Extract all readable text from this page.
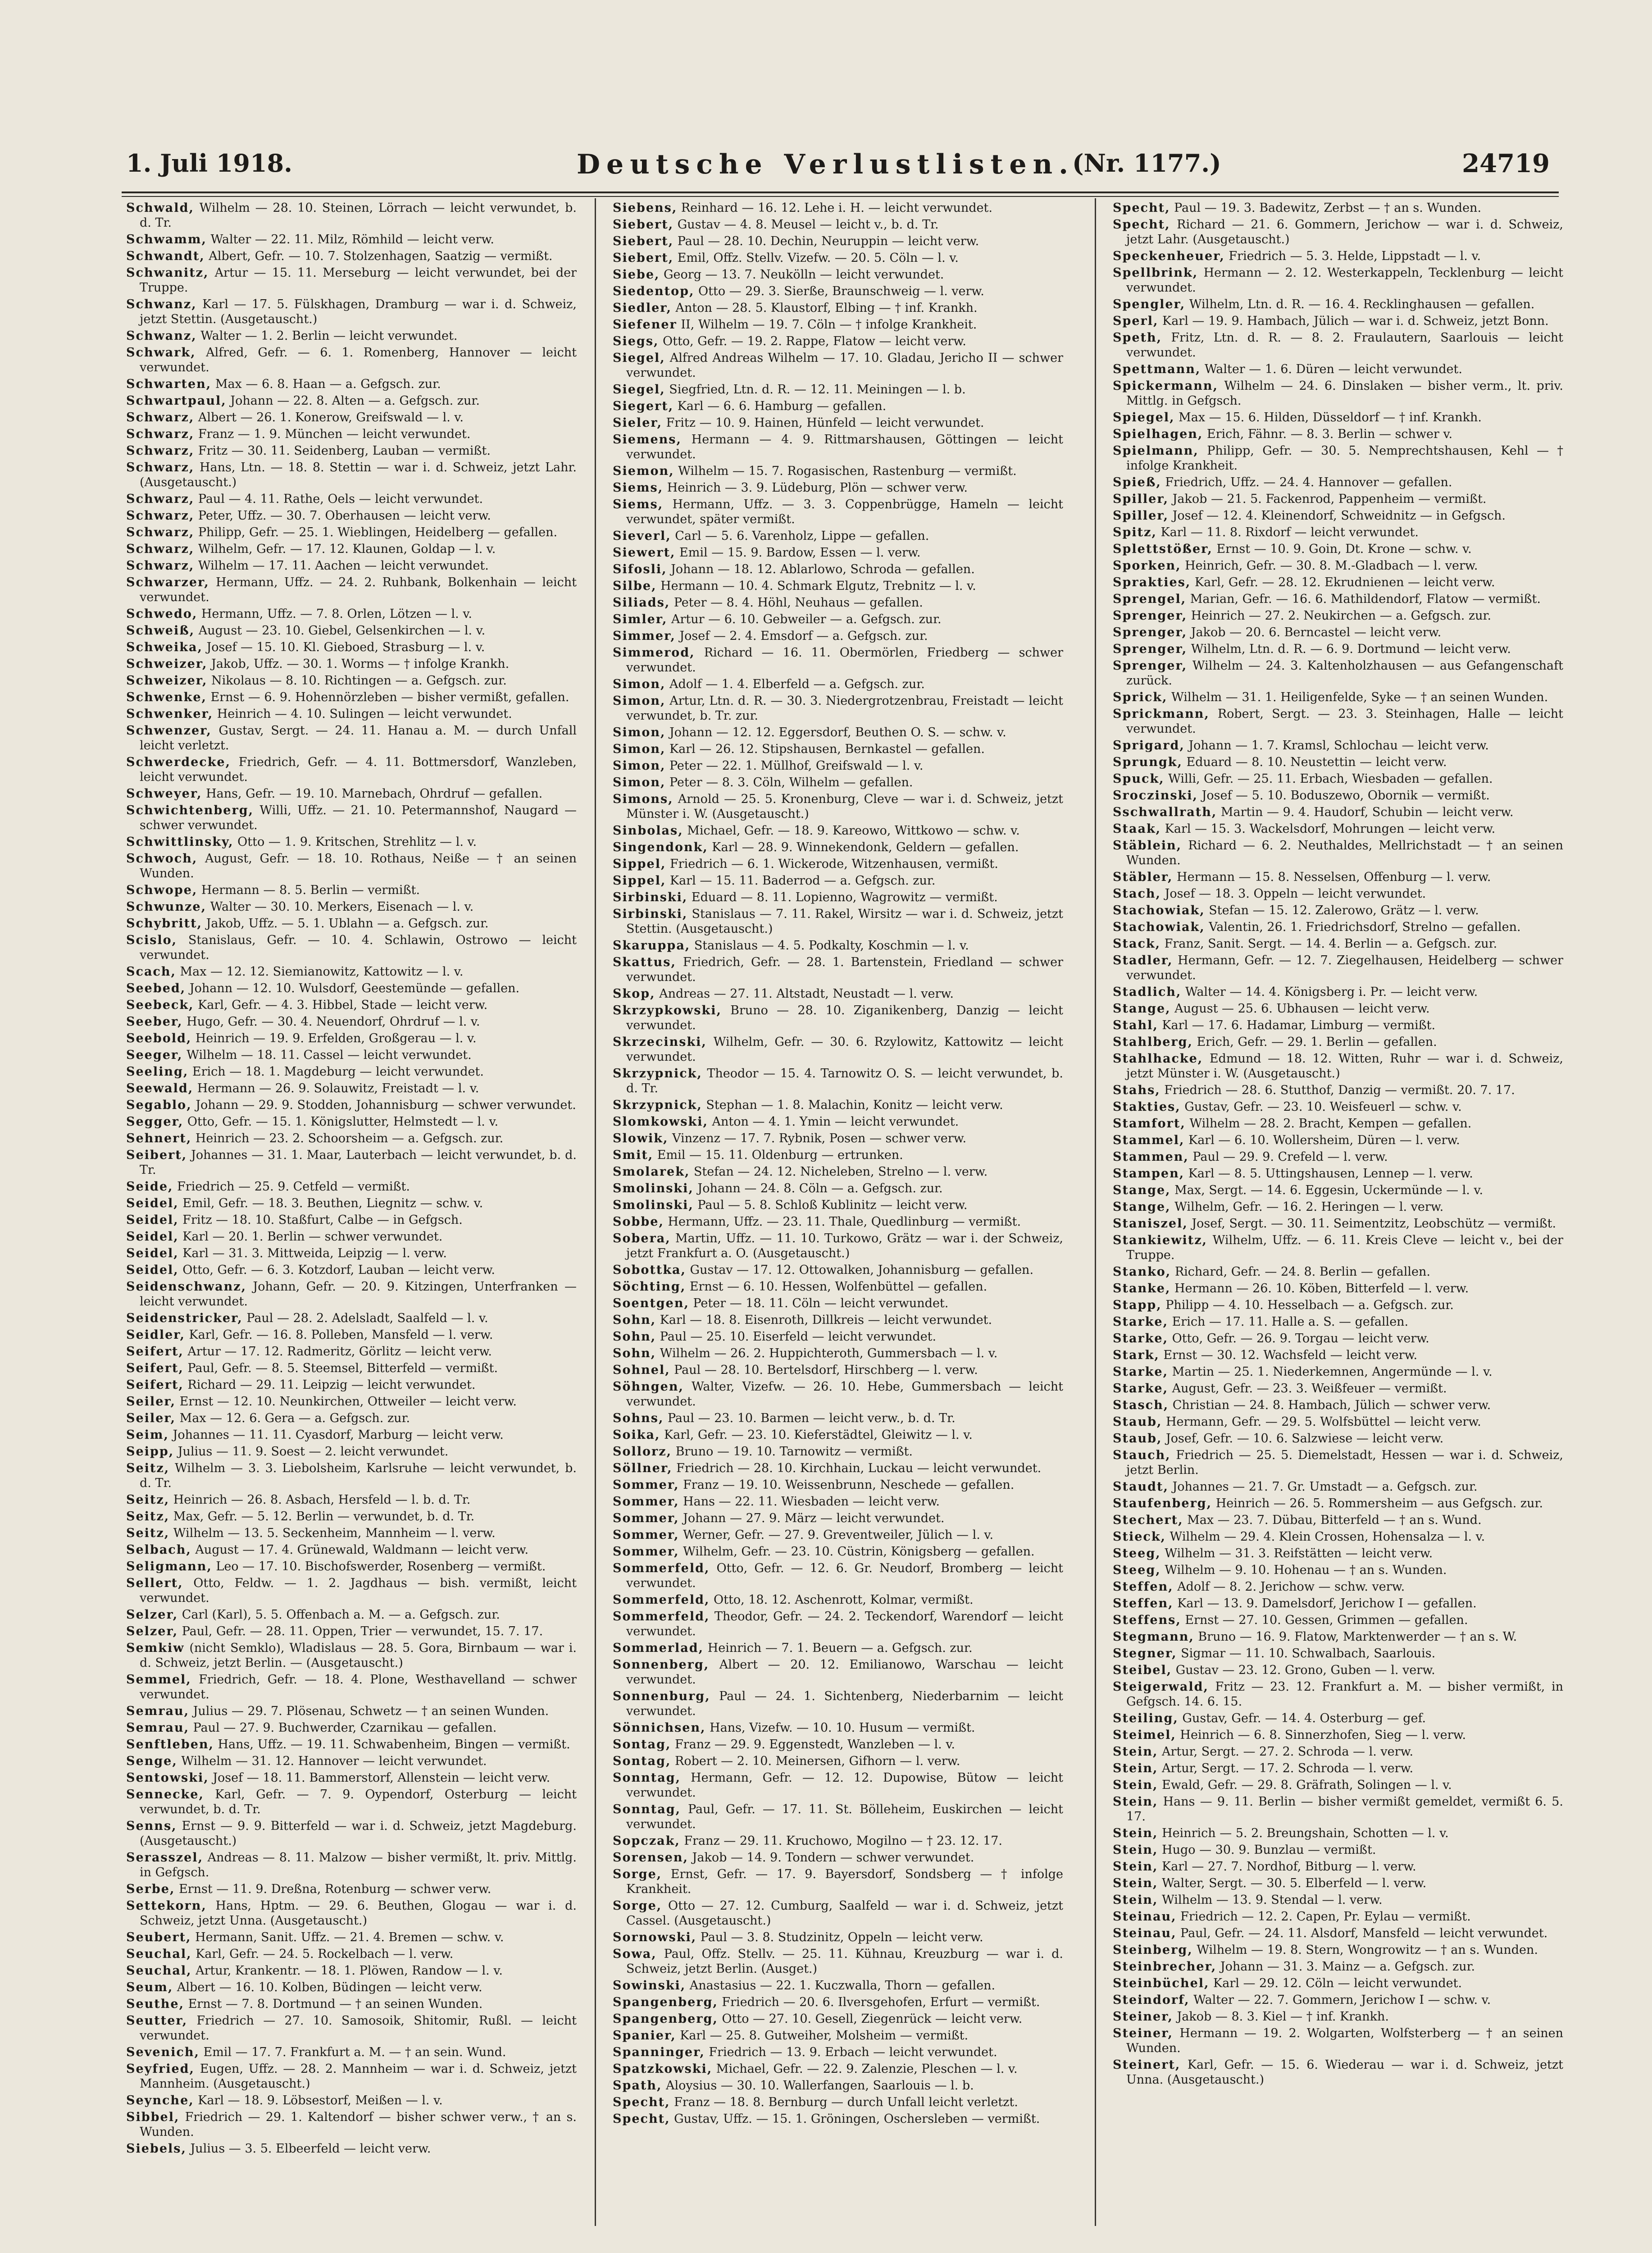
1. Juli 1918.	Deutsche Verlustlisten.
(Nr. 1177.)	24719

Schwald, Wilhelm — 28. 10. Steinen, Lörrach — leicht verwundet, b. d. Tr.

Schwamm, Walter — 22. 11. Milz, Römhild — leicht verw.

Schwandt, Albert, Gefr. — 10. 7. Stolzenhagen, Saatzig — vermißt.

Schwanitz, Artur — 15. 11. Merseburg — leicht verwundet, bei der Truppe.

Schwanz, Karl — 17. 5. Fülskhagen, Dramburg — war i. d. Schweiz, jetzt Stettin. (Ausgetauscht.)

Schwanz, Walter — 1. 2. Berlin — leicht verwundet.

Schwark, Alfred, Gefr. — 6. 1. Romenberg, Hannover — leicht verwundet.

Schwarten, Max — 6. 8. Haan — a. Gefgsch. zur.

Schwartpaul, Johann — 22. 8. Alten — a. Gefgsch. zur.

Schwarz, Albert — 26. 1. Konerow, Greifswald — l. v.

Schwarz, Franz — 1. 9. München — leicht verwundet.

Schwarz, Fritz — 30. 11. Seidenberg, Lauban — vermißt.

Schwarz, Hans, Ltn. — 18. 8. Stettin — war i. d. Schweiz, jetzt Lahr. (Ausgetauscht.)

Schwarz, Paul — 4. 11. Rathe, Oels — leicht verwundet.

Schwarz, Peter, Uffz. — 30. 7. Oberhausen — leicht verw.

Schwarz, Philipp, Gefr. — 25. 1. Wieblingen, Heidelberg — gefallen.

Schwarz, Wilhelm, Gefr. — 17. 12. Klaunen, Goldap — l. v.

Schwarz, Wilhelm — 17. 11. Aachen — leicht verwundet.

Schwarzer, Hermann, Uffz. — 24. 2. Ruhbank, Bolkenhain — leicht verwundet.

Schwedo, Hermann, Uffz. — 7. 8. Orlen, Lötzen — l. v.

Schweiß, August — 23. 10. Giebel, Gelsenkirchen — l. v.

Schweika, Josef — 15. 10. Kl. Gieboed, Strasburg — l. v.

Schweizer, Jakob, Uffz. — 30. 1. Worms — † infolge Krankh.

Schweizer, Nikolaus — 8. 10. Richtingen — a. Gefgsch. zur.

Schwenke, Ernst — 6. 9. Hohennörzleben — bisher vermißt, gefallen.

Schwenker, Heinrich — 4. 10. Sulingen — leicht verwundet.

Schwenzer, Gustav, Sergt. — 24. 11. Hanau a. M. — durch Unfall leicht verletzt.

Schwerdecke, Friedrich, Gefr. — 4. 11. Bottmersdorf, Wanzleben, leicht verwundet.

Schweyer, Hans, Gefr. — 19. 10. Marnebach, Ohrdruf — gefallen.

Schwichtenberg, Willi, Uffz. — 21. 10. Petermannshof, Naugard — schwer verwundet.

Schwittlinsky, Otto — 1. 9. Kritschen, Strehlitz — l. v.

Schwoch, August, Gefr. — 18. 10. Rothaus, Neiße — † an seinen Wunden.

Schwope, Hermann — 8. 5. Berlin — vermißt.

Schwunze, Walter — 30. 10. Merkers, Eisenach — l. v.

Schybritt, Jakob, Uffz. — 5. 1. Ublahn — a. Gefgsch. zur.

Scislo, Stanislaus, Gefr. — 10. 4. Schlawin, Ostrowo — leicht verwundet.

Scach, Max — 12. 12. Siemianowitz, Kattowitz — l. v.

Seebed, Johann — 12. 10. Wulsdorf, Geestemünde — gefallen.

Seebeck, Karl, Gefr. — 4. 3. Hibbel, Stade — leicht verw.

Seeber, Hugo, Gefr. — 30. 4. Neuendorf, Ohrdruf — l. v.

Seebold, Heinrich — 19. 9. Erfelden, Großgerau — l. v.

Seeger, Wilhelm — 18. 11. Cassel — leicht verwundet.

Seeling, Erich — 18. 1. Magdeburg — leicht verwundet.

Seewald, Hermann — 26. 9. Solauwitz, Freistadt — l. v.

Segablo, Johann — 29. 9. Stodden, Johannisburg — schwer verwundet.

Segger, Otto, Gefr. — 15. 1. Königslutter, Helmstedt — l. v.

Sehnert, Heinrich — 23. 2. Schoorsheim — a. Gefgsch. zur.

Seibert, Johannes — 31. 1. Maar, Lauterbach — leicht verwundet, b. d. Tr.

Seide, Friedrich — 25. 9. Cetfeld — vermißt.

Seidel, Emil, Gefr. — 18. 3. Beuthen, Liegnitz — schw. v.

Seidel, Fritz — 18. 10. Staßfurt, Calbe — in Gefgsch.

Seidel, Karl — 20. 1. Berlin — schwer verwundet.

Seidel, Karl — 31. 3. Mittweida, Leipzig — l. verw.

Seidel, Otto, Gefr. — 6. 3. Kotzdorf, Lauban — leicht verw.

Seidenschwanz, Johann, Gefr. — 20. 9. Kitzingen, Unterfranken — leicht verwundet.

Seidenstricker, Paul — 28. 2. Adelsladt, Saalfeld — l. v.

Seidler, Karl, Gefr. — 16. 8. Polleben, Mansfeld — l. verw.

Seifert, Artur — 17. 12. Radmeritz, Görlitz — leicht verw.

Seifert, Paul, Gefr. — 8. 5. Steemsel, Bitterfeld — vermißt.

Seifert, Richard — 29. 11. Leipzig — leicht verwundet.

Seiler, Ernst — 12. 10. Neunkirchen, Ottweiler — leicht verw.

Seiler, Max — 12. 6. Gera — a. Gefgsch. zur.

Seim, Johannes — 11. 11. Cyasdorf, Marburg — leicht verw.

Seipp, Julius — 11. 9. Soest — 2. leicht verwundet.

Seitz, Wilhelm — 3. 3. Liebolsheim, Karlsruhe — leicht verwundet, b. d. Tr.

Seitz, Heinrich — 26. 8. Asbach, Hersfeld — l. b. d. Tr.

Seitz, Max, Gefr. — 5. 12. Berlin — verwundet, b. d. Tr.

Seitz, Wilhelm — 13. 5. Seckenheim, Mannheim — l. verw.

Selbach, August — 17. 4. Grünewald, Waldmann — leicht verw.

Seligmann, Leo — 17. 10. Bischofswerder, Rosenberg — vermißt.

Sellert, Otto, Feldw. — 1. 2. Jagdhaus — bish. vermißt, leicht verwundet.

Selzer, Carl (Karl), 5. 5. Offenbach a. M. — a. Gefgsch. zur.

Selzer, Paul, Gefr. — 28. 11. Oppen, Trier — verwundet, 15. 7. 17.

Semkiw (nicht Semklo), Wladislaus — 28. 5. Gora, Birnbaum — war i. d. Schweiz, jetzt Berlin. — (Ausgetauscht.)

Semmel, Friedrich, Gefr. — 18. 4. Plone, Westhavelland — schwer verwundet.

Semrau, Julius — 29. 7. Plösenau, Schwetz — † an seinen Wunden.

Semrau, Paul — 27. 9. Buchwerder, Czarnikau — gefallen.

Senftleben, Hans, Uffz. — 19. 11. Schwabenheim, Bingen — vermißt.

Senge, Wilhelm — 31. 12. Hannover — leicht verwundet.

Sentowski, Josef — 18. 11. Bammerstorf, Allenstein — leicht verw.

Sennecke, Karl, Gefr. — 7. 9. Oypendorf, Osterburg — leicht verwundet, b. d. Tr.

Senns, Ernst — 9. 9. Bitterfeld — war i. d. Schweiz, jetzt Magdeburg. (Ausgetauscht.)

Serasszel, Andreas — 8. 11. Malzow — bisher vermißt, lt. priv. Mittlg. in Gefgsch.

Serbe, Ernst — 11. 9. Dreßna, Rotenburg — schwer verw.

Settekorn, Hans, Hptm. — 29. 6. Beuthen, Glogau — war i. d. Schweiz, jetzt Unna. (Ausgetauscht.)

Seubert, Hermann, Sanit. Uffz. — 21. 4. Bremen — schw. v.

Seuchal, Karl, Gefr. — 24. 5. Rockelbach — l. verw.

Seuchal, Artur, Krankentr. — 18. 1. Plöwen, Randow — l. v.

Seum, Albert — 16. 10. Kolben, Büdingen — leicht verw.

Seuthe, Ernst — 7. 8. Dortmund — † an seinen Wunden.

Seutter, Friedrich — 27. 10. Samosoik, Shitomir, Rußl. — leicht verwundet.

Sevenich, Emil — 17. 7. Frankfurt a. M. — † an sein. Wund.

Seyfried, Eugen, Uffz. — 28. 2. Mannheim — war i. d. Schweiz, jetzt Mannheim. (Ausgetauscht.)

Seynche, Karl — 18. 9. Löbsestorf, Meißen — l. v.

Sibbel, Friedrich — 29. 1. Kaltendorf — bisher schwer verw., † an s. Wunden.

Siebels, Julius — 3. 5. Elbeerfeld — leicht verw.

Siebens, Reinhard — 16. 12. Lehe i. H. — leicht verwundet.

Siebert, Gustav — 4. 8. Meusel — leicht v., b. d. Tr.

Siebert, Paul — 28. 10. Dechin, Neuruppin — leicht verw.

Siebert, Emil, Offz. Stellv. Vizefw. — 20. 5. Cöln — l. v.

Siebe, Georg — 13. 7. Neukölln — leicht verwundet.

Siedentop, Otto — 29. 3. Sierße, Braunschweig — l. verw.

Siedler, Anton — 28. 5. Klaustorf, Elbing — † inf. Krankh.

Siefener II, Wilhelm — 19. 7. Cöln — † infolge Krankheit.

Siegs, Otto, Gefr. — 19. 2. Rappe, Flatow — leicht verw.

Siegel, Alfred Andreas Wilhelm — 17. 10. Gladau, Jericho II — schwer verwundet.

Siegel, Siegfried, Ltn. d. R. — 12. 11. Meiningen — l. b.

Siegert, Karl — 6. 6. Hamburg — gefallen.

Sieler, Fritz — 10. 9. Hainen, Hünfeld — leicht verwundet.

Siemens, Hermann — 4. 9. Rittmarshausen, Göttingen — leicht verwundet.

Siemon, Wilhelm — 15. 7. Rogasischen, Rastenburg — vermißt.

Siems, Heinrich — 3. 9. Lüdeburg, Plön — schwer verw.

Siems, Hermann, Uffz. — 3. 3. Coppenbrügge, Hameln — leicht verwundet, später vermißt.

Sieverl, Carl — 5. 6. Varenholz, Lippe — gefallen.

Siewert, Emil — 15. 9. Bardow, Essen — l. verw.

Sifosli, Johann — 18. 12. Ablarlowo, Schroda — gefallen.

Silbe, Hermann — 10. 4. Schmark Elgutz, Trebnitz — l. v.

Siliads, Peter — 8. 4. Höhl, Neuhaus — gefallen.

Simler, Artur — 6. 10. Gebweiler — a. Gefgsch. zur.

Simmer, Josef — 2. 4. Emsdorf — a. Gefgsch. zur.

Simmerod, Richard — 16. 11. Obermörlen, Friedberg — schwer verwundet.

Simon, Adolf — 1. 4. Elberfeld — a. Gefgsch. zur.

Simon, Artur, Ltn. d. R. — 30. 3. Niedergrotzenbrau, Freistadt — leicht verwundet, b. Tr. zur.

Simon, Johann — 12. 12. Eggersdorf, Beuthen O. S. — schw. v.

Simon, Karl — 26. 12. Stipshausen, Bernkastel — gefallen.

Simon, Peter — 22. 1. Müllhof, Greifswald — l. v.

Simon, Peter — 8. 3. Cöln, Wilhelm — gefallen.

Simons, Arnold — 25. 5. Kronenburg, Cleve — war i. d. Schweiz, jetzt Münster i. W. (Ausgetauscht.)

Sinbolas, Michael, Gefr. — 18. 9. Kareowo, Wittkowo — schw. v.

Singendonk, Karl — 28. 9. Winnekendonk, Geldern — gefallen.

Sippel, Friedrich — 6. 1. Wickerode, Witzenhausen, vermißt.

Sippel, Karl — 15. 11. Baderrod — a. Gefgsch. zur.

Sirbinski, Eduard — 8. 11. Lopienno, Wagrowitz — vermißt.

Sirbinski, Stanislaus — 7. 11. Rakel, Wirsitz — war i. d. Schweiz, jetzt Stettin. (Ausgetauscht.)

Skaruppa, Stanislaus — 4. 5. Podkalty, Koschmin — l. v.

Skattus, Friedrich, Gefr. — 28. 1. Bartenstein, Friedland — schwer verwundet.

Skop, Andreas — 27. 11. Altstadt, Neustadt — l. verw.

Skrzypkowski, Bruno — 28. 10. Ziganikenberg, Danzig — leicht verwundet.

Skrzecinski, Wilhelm, Gefr. — 30. 6. Rzylowitz, Kattowitz — leicht verwundet.

Skrzypnick, Theodor — 15. 4. Tarnowitz O. S. — leicht verwundet, b. d. Tr.

Skrzypnick, Stephan — 1. 8. Malachin, Konitz — leicht verw.

Slomkowski, Anton — 4. 1. Ymin — leicht verwundet.

Slowik, Vinzenz — 17. 7. Rybnik, Posen — schwer verw.

Smit, Emil — 15. 11. Oldenburg — ertrunken.

Smolarek, Stefan — 24. 12. Nicheleben, Strelno — l. verw.

Smolinski, Johann — 24. 8. Cöln — a. Gefgsch. zur.

Smolinski, Paul — 5. 8. Schloß Kublinitz — leicht verw.

Sobbe, Hermann, Uffz. — 23. 11. Thale, Quedlinburg — vermißt.

Sobera, Martin, Uffz. — 11. 10. Turkowo, Grätz — war i. der Schweiz, jetzt Frankfurt a. O. (Ausgetauscht.)

Sobottka, Gustav — 17. 12. Ottowalken, Johannisburg — gefallen.

Söchting, Ernst — 6. 10. Hessen, Wolfenbüttel — gefallen.

Soentgen, Peter — 18. 11. Cöln — leicht verwundet.

Sohn, Karl — 18. 8. Eisenroth, Dillkreis — leicht verwundet.

Sohn, Paul — 25. 10. Eiserfeld — leicht verwundet.

Sohn, Wilhelm — 26. 2. Huppichteroth, Gummersbach — l. v.

Sohnel, Paul — 28. 10. Bertelsdorf, Hirschberg — l. verw.

Söhngen, Walter, Vizefw. — 26. 10. Hebe, Gummersbach — leicht verwundet.

Sohns, Paul — 23. 10. Barmen — leicht verw., b. d. Tr.

Soika, Karl, Gefr. — 23. 10. Kieferstädtel, Gleiwitz — l. v.

Sollorz, Bruno — 19. 10. Tarnowitz — vermißt.

Söllner, Friedrich — 28. 10. Kirchhain, Luckau — leicht verwundet.

Sommer, Franz — 19. 10. Weissenbrunn, Neschede — gefallen.

Sommer, Hans — 22. 11. Wiesbaden — leicht verw.

Sommer, Johann — 27. 9. März — leicht verwundet.

Sommer, Werner, Gefr. — 27. 9. Greventweiler, Jülich — l. v.

Sommer, Wilhelm, Gefr. — 23. 10. Cüstrin, Königsberg — gefallen.

Sommerfeld, Otto, Gefr. — 12. 6. Gr. Neudorf, Bromberg — leicht verwundet.

Sommerfeld, Otto, 18. 12. Aschenrott, Kolmar, vermißt.

Sommerfeld, Theodor, Gefr. — 24. 2. Teckendorf, Warendorf — leicht verwundet.

Sommerlad, Heinrich — 7. 1. Beuern — a. Gefgsch. zur.

Sonnenberg, Albert — 20. 12. Emilianowo, Warschau — leicht verwundet.

Sonnenburg, Paul — 24. 1. Sichtenberg, Niederbarnim — leicht verwundet.

Sönnichsen, Hans, Vizefw. — 10. 10. Husum — vermißt.

Sontag, Franz — 29. 9. Eggenstedt, Wanzleben — l. v.

Sontag, Robert — 2. 10. Meinersen, Gifhorn — l. verw.

Sonntag, Hermann, Gefr. — 12. 12. Dupowise, Bütow — leicht verwundet.

Sonntag, Paul, Gefr. — 17. 11. St. Bölleheim, Euskirchen — leicht verwundet.

Sopczak, Franz — 29. 11. Kruchowo, Mogilno — † 23. 12. 17.

Sorensen, Jakob — 14. 9. Tondern — schwer verwundet.

Sorge, Ernst, Gefr. — 17. 9. Bayersdorf, Sondsberg — † infolge Krankheit.

Sorge, Otto — 27. 12. Cumburg, Saalfeld — war i. d. Schweiz, jetzt Cassel. (Ausgetauscht.)

Sornowski, Paul — 3. 8. Studzinitz, Oppeln — leicht verw.

Sowa, Paul, Offz. Stellv. — 25. 11. Kühnau, Kreuzburg — war i. d. Schweiz, jetzt Berlin. (Ausget.)

Sowinski, Anastasius — 22. 1. Kuczwalla, Thorn — gefallen.

Spangenberg, Friedrich — 20. 6. Ilversgehofen, Erfurt — vermißt.

Spangenberg, Otto — 27. 10. Gesell, Ziegenrück — leicht verw.

Spanier, Karl — 25. 8. Gutweiher, Molsheim — vermißt.

Spanninger, Friedrich — 13. 9. Erbach — leicht verwundet.

Spatzkowski, Michael, Gefr. — 22. 9. Zalenzie, Pleschen — l. v.

Spath, Aloysius — 30. 10. Wallerfangen, Saarlouis — l. b.

Specht, Franz — 18. 8. Bernburg — durch Unfall leicht verletzt.

Specht, Gustav, Uffz. — 15. 1. Gröningen, Oschersleben — vermißt.

Specht, Paul — 19. 3. Badewitz, Zerbst — † an s. Wunden.

Specht, Richard — 21. 6. Gommern, Jerichow — war i. d. Schweiz, jetzt Lahr. (Ausgetauscht.)

Speckenheuer, Friedrich — 5. 3. Helde, Lippstadt — l. v.

Spellbrink, Hermann — 2. 12. Westerkappeln, Tecklenburg — leicht verwundet.

Spengler, Wilhelm, Ltn. d. R. — 16. 4. Recklinghausen — gefallen.

Sperl, Karl — 19. 9. Hambach, Jülich — war i. d. Schweiz, jetzt Bonn.

Speth, Fritz, Ltn. d. R. — 8. 2. Fraulautern, Saarlouis — leicht verwundet.

Spettmann, Walter — 1. 6. Düren — leicht verwundet.

Spickermann, Wilhelm — 24. 6. Dinslaken — bisher verm., lt. priv. Mittlg. in Gefgsch.

Spiegel, Max — 15. 6. Hilden, Düsseldorf — † inf. Krankh.

Spielhagen, Erich, Fähnr. — 8. 3. Berlin — schwer v.

Spielmann, Philipp, Gefr. — 30. 5. Nemprechtshausen, Kehl — † infolge Krankheit.

Spieß, Friedrich, Uffz. — 24. 4. Hannover — gefallen.

Spiller, Jakob — 21. 5. Fackenrod, Pappenheim — vermißt.

Spiller, Josef — 12. 4. Kleinendorf, Schweidnitz — in Gefgsch.

Spitz, Karl — 11. 8. Rixdorf — leicht verwundet.

Splettstößer, Ernst — 10. 9. Goin, Dt. Krone — schw. v.

Sporken, Heinrich, Gefr. — 30. 8. M.-Gladbach — l. verw.

Sprakties, Karl, Gefr. — 28. 12. Ekrudnienen — leicht verw.

Sprengel, Marian, Gefr. — 16. 6. Mathildendorf, Flatow — vermißt.

Sprenger, Heinrich — 27. 2. Neukirchen — a. Gefgsch. zur.

Sprenger, Jakob — 20. 6. Berncastel — leicht verw.

Sprenger, Wilhelm, Ltn. d. R. — 6. 9. Dortmund — leicht verw.

Sprenger, Wilhelm — 24. 3. Kaltenholzhausen — aus Gefangenschaft zurück.

Sprick, Wilhelm — 31. 1. Heiligenfelde, Syke — † an seinen Wunden.

Sprickmann, Robert, Sergt. — 23. 3. Steinhagen, Halle — leicht verwundet.

Sprigard, Johann — 1. 7. Kramsl, Schlochau — leicht verw.

Sprungk, Eduard — 8. 10. Neustettin — leicht verw.

Spuck, Willi, Gefr. — 25. 11. Erbach, Wiesbaden — gefallen.

Sroczinski, Josef — 5. 10. Boduszewo, Obornik — vermißt.

Sschwallrath, Martin — 9. 4. Haudorf, Schubin — leicht verw.

Staak, Karl — 15. 3. Wackelsdorf, Mohrungen — leicht verw.

Stäblein, Richard — 6. 2. Neuthaldes, Mellrichstadt — † an seinen Wunden.

Stäbler, Hermann — 15. 8. Nesselsen, Offenburg — l. verw.

Stach, Josef — 18. 3. Oppeln — leicht verwundet.

Stachowiak, Stefan — 15. 12. Zalerowo, Grätz — l. verw.

Stachowiak, Valentin, 26. 1. Friedrichsdorf, Strelno — gefallen.

Stack, Franz, Sanit. Sergt. — 14. 4. Berlin — a. Gefgsch. zur.

Stadler, Hermann, Gefr. — 12. 7. Ziegelhausen, Heidelberg — schwer verwundet.

Stadlich, Walter — 14. 4. Königsberg i. Pr. — leicht verw.

Stange, August — 25. 6. Ubhausen — leicht verw.

Stahl, Karl — 17. 6. Hadamar, Limburg — vermißt.

Stahlberg, Erich, Gefr. — 29. 1. Berlin — gefallen.

Stahlhacke, Edmund — 18. 12. Witten, Ruhr — war i. d. Schweiz, jetzt Münster i. W. (Ausgetauscht.)

Stahs, Friedrich — 28. 6. Stutthof, Danzig — vermißt. 20. 7. 17.

Stakties, Gustav, Gefr. — 23. 10. Weisfeuerl — schw. v.

Stamfort, Wilhelm — 28. 2. Bracht, Kempen — gefallen.

Stammel, Karl — 6. 10. Wollersheim, Düren — l. verw.

Stammen, Paul — 29. 9. Crefeld — l. verw.

Stampen, Karl — 8. 5. Uttingshausen, Lennep — l. verw.

Stange, Max, Sergt. — 14. 6. Eggesin, Uckermünde — l. v.

Stange, Wilhelm, Gefr. — 16. 2. Heringen — l. verw.

Staniszel, Josef, Sergt. — 30. 11. Seimentzitz, Leobschütz — vermißt.

Stankiewitz, Wilhelm, Uffz. — 6. 11. Kreis Cleve — leicht v., bei der Truppe.

Stanko, Richard, Gefr. — 24. 8. Berlin — gefallen.

Stanke, Hermann — 26. 10. Köben, Bitterfeld — l. verw.

Stapp, Philipp — 4. 10. Hesselbach — a. Gefgsch. zur.

Starke, Erich — 17. 11. Halle a. S. — gefallen.

Starke, Otto, Gefr. — 26. 9. Torgau — leicht verw.

Stark, Ernst — 30. 12. Wachsfeld — leicht verw.

Starke, Martin — 25. 1. Niederkemnen, Angermünde — l. v.

Starke, August, Gefr. — 23. 3. Weißfeuer — vermißt.

Stasch, Christian — 24. 8. Hambach, Jülich — schwer verw.

Staub, Hermann, Gefr. — 29. 5. Wolfsbüttel — leicht verw.

Staub, Josef, Gefr. — 10. 6. Salzwiese — leicht verw.

Stauch, Friedrich — 25. 5. Diemelstadt, Hessen — war i. d. Schweiz, jetzt Berlin.

Staudt, Johannes — 21. 7. Gr. Umstadt — a. Gefgsch. zur.

Staufenberg, Heinrich — 26. 5. Rommersheim — aus Gefgsch. zur.

Stechert, Max — 23. 7. Dübau, Bitterfeld — † an s. Wund.

Stieck, Wilhelm — 29. 4. Klein Crossen, Hohensalza — l. v.

Steeg, Wilhelm — 31. 3. Reifstätten — leicht verw.

Steeg, Wilhelm — 9. 10. Hohenau — † an s. Wunden.

Steffen, Adolf — 8. 2. Jerichow — schw. verw.

Steffen, Karl — 13. 9. Damelsdorf, Jerichow I — gefallen.

Steffens, Ernst — 27. 10. Gessen, Grimmen — gefallen.

Stegmann, Bruno — 16. 9. Flatow, Marktenwerder — † an s. W.

Stegner, Sigmar — 11. 10. Schwalbach, Saarlouis.

Steibel, Gustav — 23. 12. Grono, Guben — l. verw.

Steigerwald, Fritz — 23. 12. Frankfurt a. M. — bisher vermißt, in Gefgsch. 14. 6. 15.

Steiling, Gustav, Gefr. — 14. 4. Osterburg — gef.

Steimel, Heinrich — 6. 8. Sinnerzhofen, Sieg — l. verw.

Stein, Artur, Sergt. — 27. 2. Schroda — l. verw.

Stein, Artur, Sergt. — 17. 2. Schroda — l. verw.

Stein, Ewald, Gefr. — 29. 8. Gräfrath, Solingen — l. v.

Stein, Hans — 9. 11. Berlin — bisher vermißt gemeldet, vermißt 6. 5. 17.

Stein, Heinrich — 5. 2. Breungshain, Schotten — l. v.

Stein, Hugo — 30. 9. Bunzlau — vermißt.

Stein, Karl — 27. 7. Nordhof, Bitburg — l. verw.

Stein, Walter, Sergt. — 30. 5. Elberfeld — l. verw.

Stein, Wilhelm — 13. 9. Stendal — l. verw.

Steinau, Friedrich — 12. 2. Capen, Pr. Eylau — vermißt.

Steinau, Paul, Gefr. — 24. 11. Alsdorf, Mansfeld — leicht verwundet.

Steinberg, Wilhelm — 19. 8. Stern, Wongrowitz — † an s. Wunden.

Steinbrecher, Johann — 31. 3. Mainz — a. Gefgsch. zur.

Steinbüchel, Karl — 29. 12. Cöln — leicht verwundet.

Steindorf, Walter — 22. 7. Gommern, Jerichow I — schw. v.

Steiner, Jakob — 8. 3. Kiel — † inf. Krankh.

Steiner, Hermann — 19. 2. Wolgarten, Wolfsterberg — † an seinen Wunden.

Steinert, Karl, Gefr. — 15. 6. Wiederau — war i. d. Schweiz, jetzt Unna. (Ausgetauscht.)
